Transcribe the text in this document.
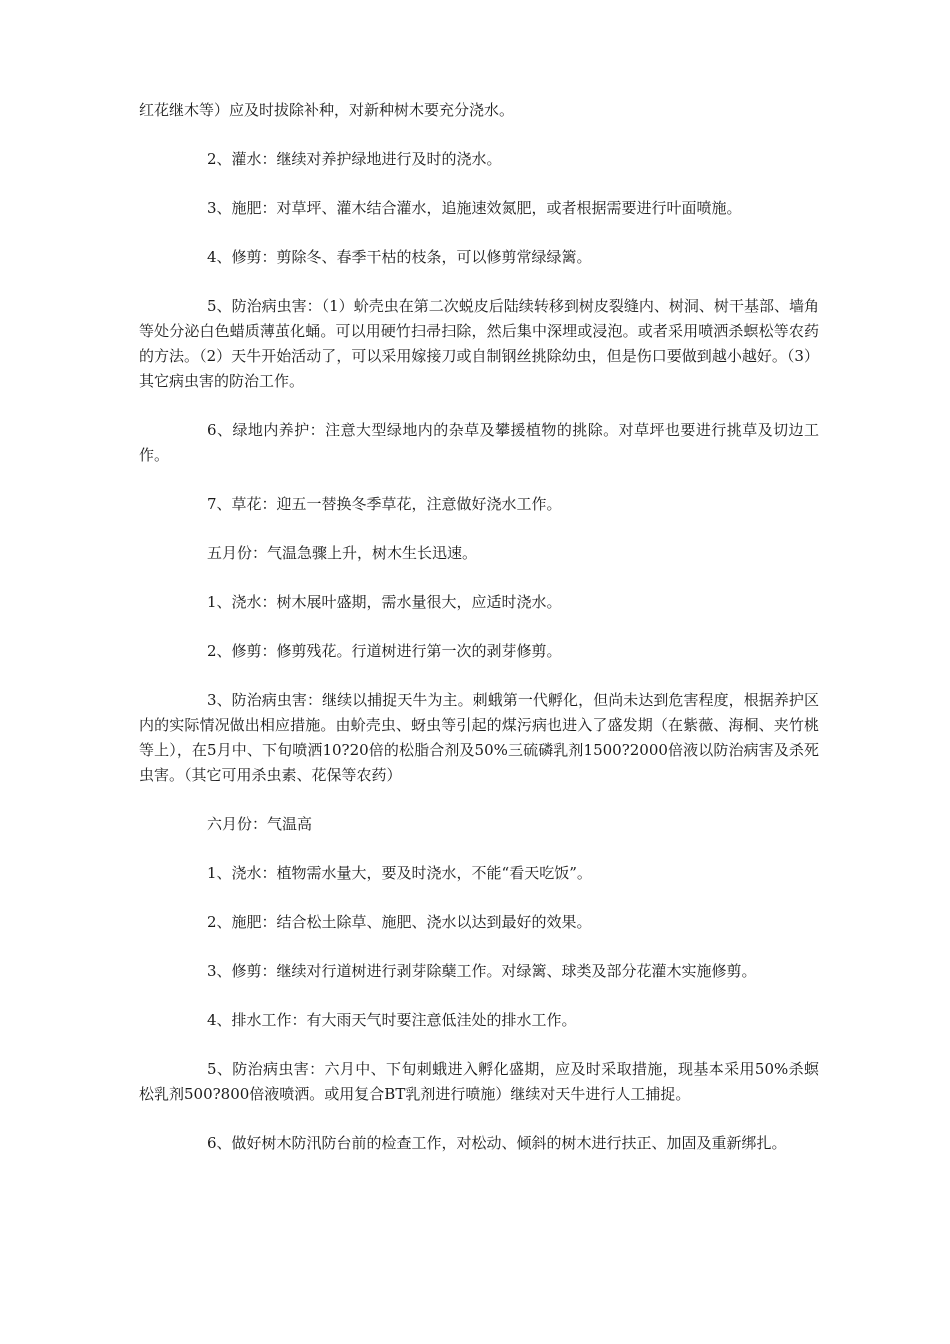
红花继木等）应及时拔除补种，对新种树木要充分浇水。

2、灌水：继续对养护绿地进行及时的浇水。

3、施肥：对草坪、灌木结合灌水，追施速效氮肥，或者根据需要进行叶面喷施。

4、修剪：剪除冬、春季干枯的枝条，可以修剪常绿绿篱。

5、防治病虫害：（1）蚧壳虫在第二次蜕皮后陆续转移到树皮裂缝内、树洞、树干基部、墙角等处分泌白色蜡质薄茧化蛹。可以用硬竹扫帚扫除，然后集中深埋或浸泡。或者采用喷洒杀螟松等农药的方法。（2）天牛开始活动了，可以采用嫁接刀或自制钢丝挑除幼虫，但是伤口要做到越小越好。（3）其它病虫害的防治工作。

6、绿地内养护：注意大型绿地内的杂草及攀援植物的挑除。对草坪也要进行挑草及切边工作。

7、草花：迎五一替换冬季草花，注意做好浇水工作。

五月份：气温急骤上升，树木生长迅速。

1、浇水：树木展叶盛期，需水量很大，应适时浇水。

2、修剪：修剪残花。行道树进行第一次的剥芽修剪。

3、防治病虫害：继续以捕捉天牛为主。刺蛾第一代孵化，但尚未达到危害程度，根据养护区内的实际情况做出相应措施。由蚧壳虫、蚜虫等引起的煤污病也进入了盛发期（在紫薇、海桐、夹竹桃等上），在5月中、下旬喷洒10?20倍的松脂合剂及50%三硫磷乳剂1500?2000倍液以防治病害及杀死虫害。（其它可用杀虫素、花保等农药）

六月份：气温高

1、浇水：植物需水量大，要及时浇水，不能“看天吃饭”。

2、施肥：结合松土除草、施肥、浇水以达到最好的效果。

3、修剪：继续对行道树进行剥芽除蘖工作。对绿篱、球类及部分花灌木实施修剪。

4、排水工作：有大雨天气时要注意低洼处的排水工作。

5、防治病虫害：六月中、下旬刺蛾进入孵化盛期，应及时采取措施，现基本采用50%杀螟松乳剂500?800倍液喷洒。或用复合BT乳剂进行喷施）继续对天牛进行人工捕捉。

6、做好树木防汛防台前的检查工作，对松动、倾斜的树木进行扶正、加固及重新绑扎。
